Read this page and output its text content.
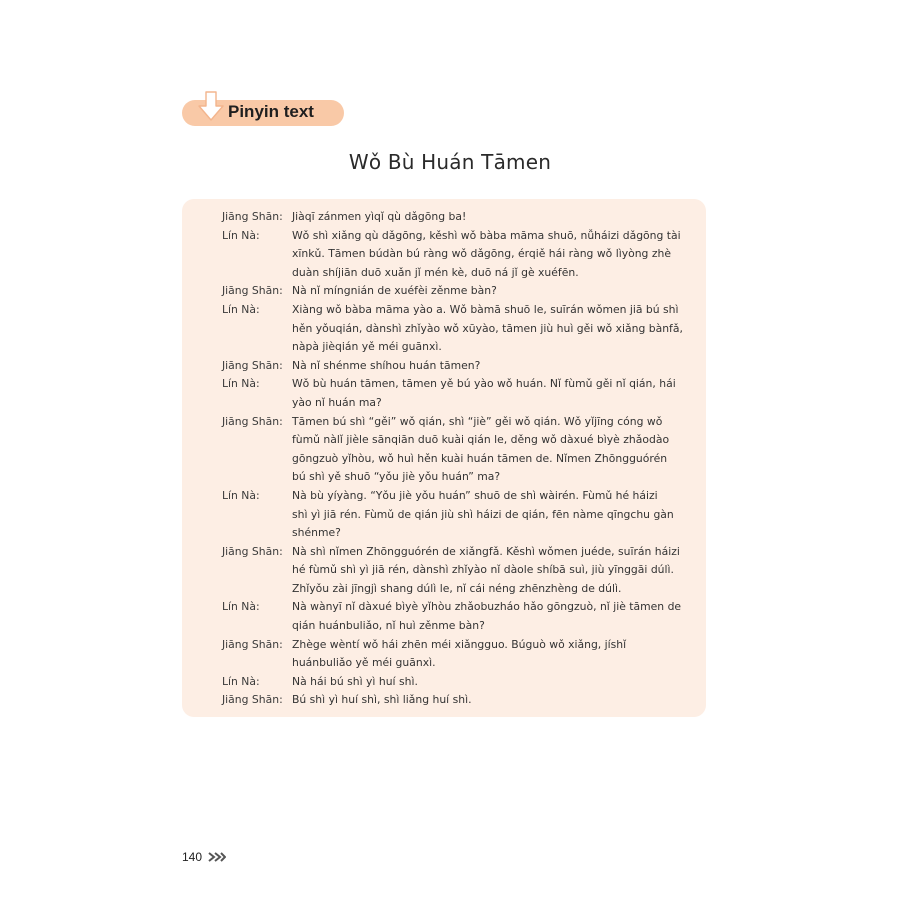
Pinyin text
Wǒ Bù Huán Tāmen
Jiāng Shān: Jiàqī zánmen yìqǐ qù dǎgōng ba!
Lín Nà:	Wǒ shì xiǎng qù dǎgōng, kěshì wǒ bàba māma shuō, nǚháizi dǎgōng tài
xīnkǔ. Tāmen búdàn bú ràng wǒ dǎgōng, érqiě hái ràng wǒ lìyòng zhè
duàn shíjiān duō xuǎn jǐ mén kè, duō ná jǐ gè xuéfēn.
Jiāng Shān: Nà nǐ míngnián de xuéfèi zěnme bàn?
Lín Nà:	Xiàng wǒ bàba māma yào a. Wǒ bàmā shuō le, suīrán wǒmen jiā bú shì
hěn yǒuqián, dànshì zhǐyào wǒ xūyào, tāmen jiù huì gěi wǒ xiǎng bànfǎ,
nàpà jièqián yě méi guānxì.
Jiāng Shān: Nà nǐ shénme shíhou huán tāmen?
Lín Nà:	Wǒ bù huán tāmen, tāmen yě bú yào wǒ huán. Nǐ fùmǔ gěi nǐ qián, hái
yào nǐ huán ma?
Jiāng Shān: Tāmen bú shì “gěi” wǒ qián, shì “jiè” gěi wǒ qián. Wǒ yǐjīng cóng wǒ
fùmǔ nàlǐ jièle sānqiān duō kuài qián le, děng wǒ dàxué bìyè zhǎodào
gōngzuò yǐhòu, wǒ huì hěn kuài huán tāmen de. Nǐmen Zhōngguórén
bú shì yě shuō “yǒu jiè yǒu huán” ma?
Lín Nà:	Nà bù yíyàng. “Yǒu jiè yǒu huán” shuō de shì wàirén. Fùmǔ hé háizi
shì yì jiā rén. Fùmǔ de qián jiù shì háizi de qián, fēn nàme qīngchu gàn
shénme?
Jiāng Shān: Nà shì nǐmen Zhōngguórén de xiǎngfǎ. Kěshì wǒmen juéde, suīrán háizi
hé fùmǔ shì yì jiā rén, dànshì zhǐyào nǐ dàole shíbā suì, jiù yīnggāi dúlì.
Zhǐyǒu zài jīngjì shang dúlì le, nǐ cái néng zhēnzhèng de dúlì.
Lín Nà:	Nà wànyī nǐ dàxué bìyè yǐhòu zhǎobuzháo hǎo gōngzuò, nǐ jiè tāmen de
qián huánbuliǎo, nǐ huì zěnme bàn?
Jiāng Shān: Zhège wèntí wǒ hái zhēn méi xiǎngguo. Búguò wǒ xiǎng, jíshǐ
huánbuliǎo yě méi guānxì.
Lín Nà:	Nà hái bú shì yì huí shì.
Jiāng Shān: Bú shì yì huí shì, shì liǎng huí shì.
140
